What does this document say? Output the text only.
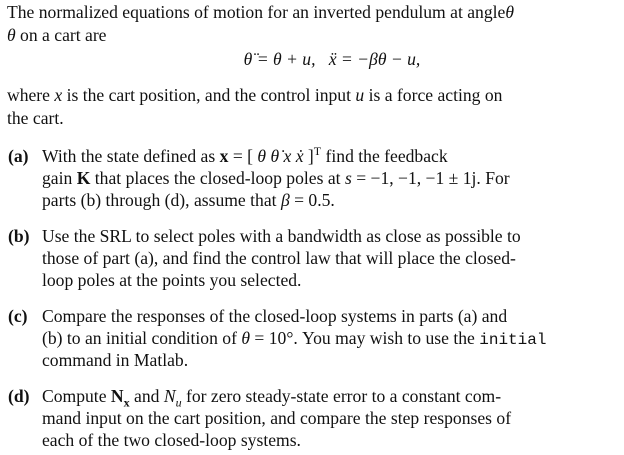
The normalized equations of motion for an inverted pendulum at angleθ
θ on a cart are
θ̈ = θ + u, ẍ = −βθ − u,
where x is the cart position, and the control input u is a force acting on
the cart.
(a) With the state defined as x = [ θ θ̇ x ẋ ]$^T$ find the feedback
gain K that places the closed-loop poles at s = −1, −1, −1 ± 1j. For
parts (b) through (d), assume that β = 0.5.
(b) Use the SRL to select poles with a bandwidth as close as possible to
those of part (a), and find the control law that will place the closed-
loop poles at the points you selected.
(c) Compare the responses of the closed-loop systems in parts (a) and
(b) to an initial condition of θ = 10°. You may wish to use the initial
command in Matlab.
(d) Compute $N_x$ and $N_u$ for zero steady-state error to a constant com-
mand input on the cart position, and compare the step responses of
each of the two closed-loop systems.
